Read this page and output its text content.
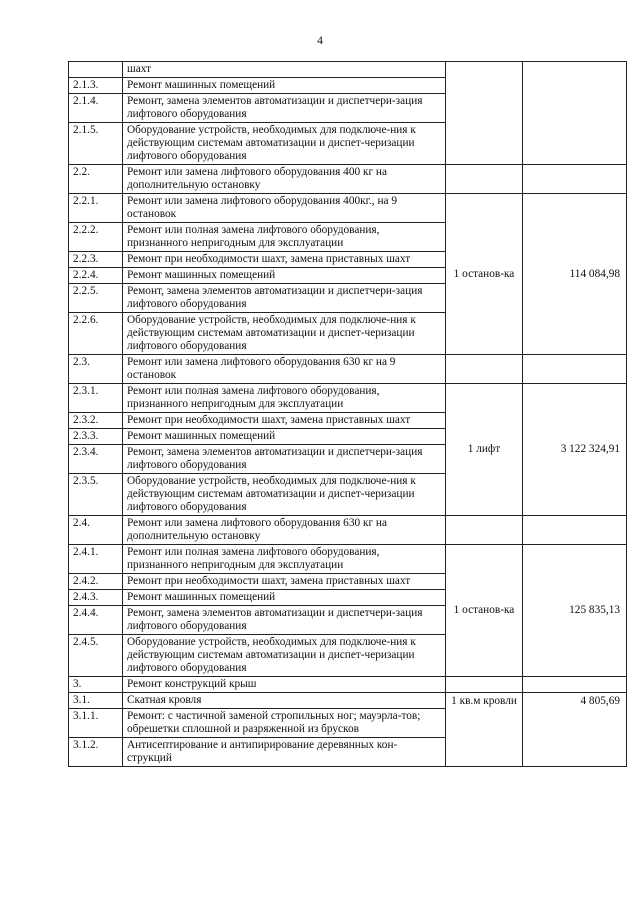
4
	шахт		
2.1.3.	Ремонт машинных помещений		
2.1.4.	Ремонт, замена элементов автоматизации и диспетчери-зация лифтового оборудования		
2.1.5.	Оборудование устройств, необходимых для подключе-ния к действующим системам автоматизации и диспет-черизации лифтового оборудования		
2.2.	Ремонт или замена лифтового оборудования 400 кг на дополнительную остановку		
2.2.1.	Ремонт или замена лифтового оборудования 400кг., на 9 остановок	1 останов-ка	114 084,98
2.2.2.	Ремонт или полная замена лифтового оборудования, признанного непригодным для эксплуатации		
2.2.3.	Ремонт при необходимости шахт, замена приставных шахт		
2.2.4.	Ремонт машинных помещений		
2.2.5.	Ремонт, замена элементов автоматизации и диспетчери-зация лифтового оборудования		
2.2.6.	Оборудование устройств, необходимых для подключе-ния к действующим системам автоматизации и диспет-черизации лифтового оборудования		
2.3.	Ремонт или замена лифтового оборудования 630 кг на 9 остановок		
2.3.1.	Ремонт или полная замена лифтового оборудования, признанного непригодным для эксплуатации	1 лифт	3 122 324,91
2.3.2.	Ремонт при необходимости шахт, замена приставных шахт		
2.3.3.	Ремонт машинных помещений		
2.3.4.	Ремонт, замена элементов автоматизации и диспетчери-зация лифтового оборудования		
2.3.5.	Оборудование устройств, необходимых для подключе-ния к действующим системам автоматизации и диспет-черизации лифтового оборудования		
2.4.	Ремонт или замена лифтового оборудования 630 кг на дополнительную остановку		
2.4.1.	Ремонт или полная замена лифтового оборудования, признанного непригодным для эксплуатации	1 останов-ка	125 835,13
2.4.2.	Ремонт при необходимости шахт, замена приставных шахт		
2.4.3.	Ремонт машинных помещений		
2.4.4.	Ремонт, замена элементов автоматизации и диспетчери-зация лифтового оборудования		
2.4.5.	Оборудование устройств, необходимых для подключе-ния к действующим системам автоматизации и диспет-черизации лифтового оборудования		
3.	Ремонт конструкций крыш		
3.1.	Скатная кровля	1 кв.м кровли	4 805,69
3.1.1.	Ремонт: с частичной заменой стропильных ног; мауэрла-тов; обрешетки сплошной и разряженной из брусков		
3.1.2.	Антисептирование и антипирирование деревянных кон-струкций		
